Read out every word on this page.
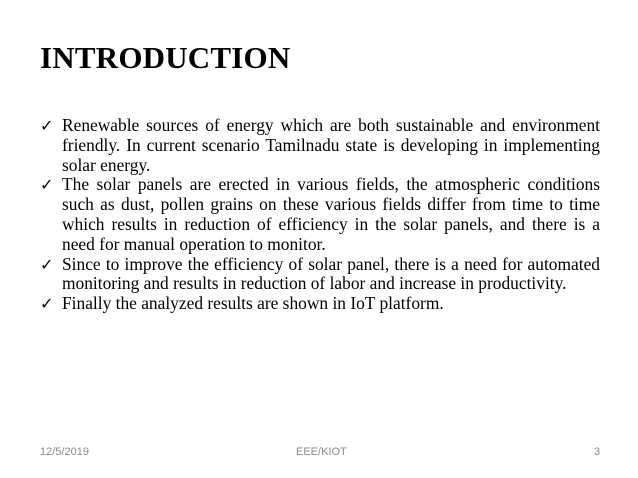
INTRODUCTION
✓ Renewable sources of energy which are both sustainable and environment friendly. In current scenario Tamilnadu state is developing in implementing solar energy.
✓ The solar panels are erected in various fields, the atmospheric conditions such as dust, pollen grains on these various fields differ from time to time which results in reduction of efficiency in the solar panels, and there is a need for manual operation to monitor.
✓ Since to improve the efficiency of solar panel, there is a need for automated monitoring and results in reduction of labor and increase in productivity.
✓ Finally the analyzed results are shown in IoT platform.
12/5/2019	EEE/KIOT	3
